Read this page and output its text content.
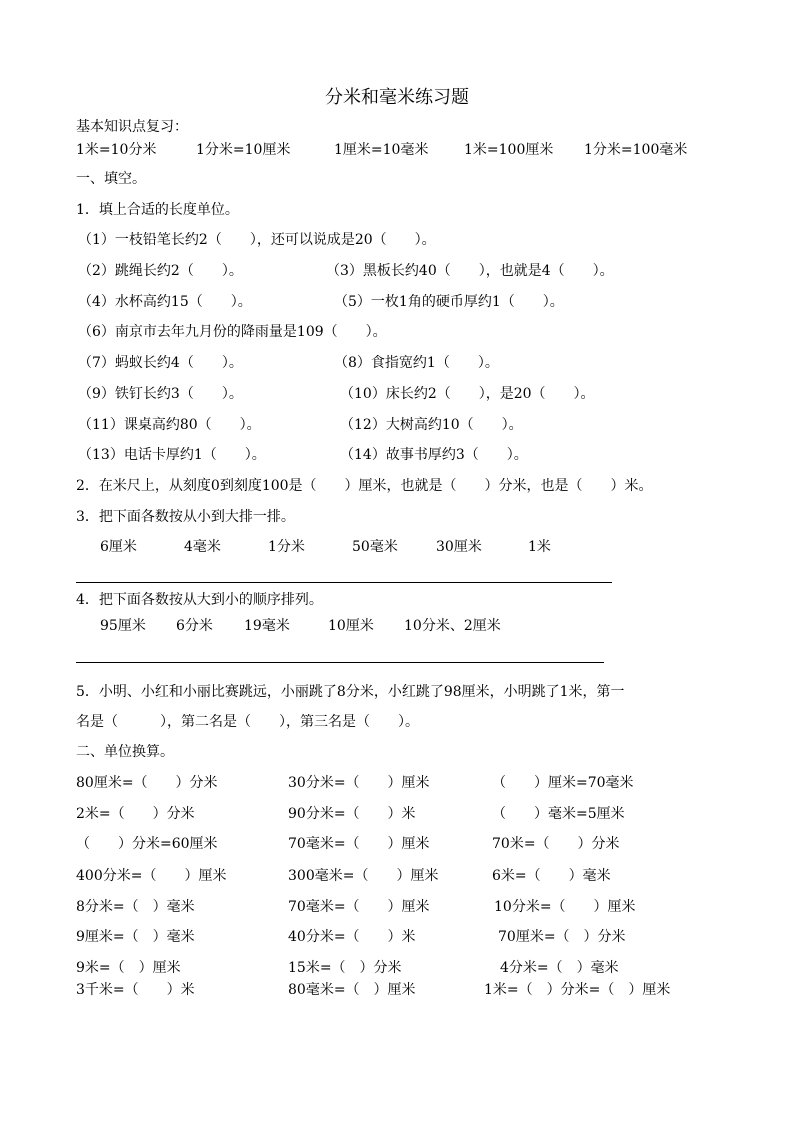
分米和毫米练习题
基本知识点复习：
1米=10分米	1分米=10厘米	1厘米=10毫米	1米=100厘米 1分米=100毫米
一、填空。
1．填上合适的长度单位。
（1）一枝铅笔长约2（　　），还可以说成是20（　　）。
（2）跳绳长约2（　　）。	（3）黑板长约40（　　），也就是4（　　）。
（4）水杯高约15（　　）。	（5）一枚1角的硬币厚约1（　　）。
（6）南京市去年九月份的降雨量是109（　　）。
（7）蚂蚁长约4（　　）。	（8）食指宽约1（　　）。
（9）铁钉长约3（　　）。	（10）床长约2（　　），是20（　　）。
（11）课桌高约80（　　）。	（12）大树高约10（　　）。
（13）电话卡厚约1（　　）。	（14）故事书厚约3（　　）。
2．在米尺上，从刻度0到刻度100是（　　）厘米，也就是（　　）分米，也是（　　）米。
3．把下面各数按从小到大排一排。
6厘米	4毫米	1分米	50毫米	30厘米	1米
4．把下面各数按从大到小的顺序排列。
95厘米 6分米 19毫米	10厘米 10分米、2厘米
5．小明、小红和小丽比赛跳远，小丽跳了8分米，小红跳了98厘米，小明跳了1米，第一
名是（　　　），第二名是（　　），第三名是（　　）。
二、单位换算。
80厘米=（　　）分米	30分米=（　　）厘米	（　　）厘米=70毫米
2米=（　　）分米	90分米=（　　）米	（　　）毫米=5厘米
（　　）分米=60厘米	70毫米=（　　）厘米	70米=（　　）分米
400分米=（　　）厘米	300毫米=（　　）厘米	6米=（　　）毫米
8分米=（　）毫米	70毫米=（　　）厘米	10分米=（　　）厘米
9厘米=（　）毫米	40分米=（　　）米	70厘米=（　）分米
9米=（　）厘米	15米=（　）分米	4分米=（　）毫米
3千米=（　　）米	80毫米=（　）厘米	1米=（　）分米=（　）厘米
